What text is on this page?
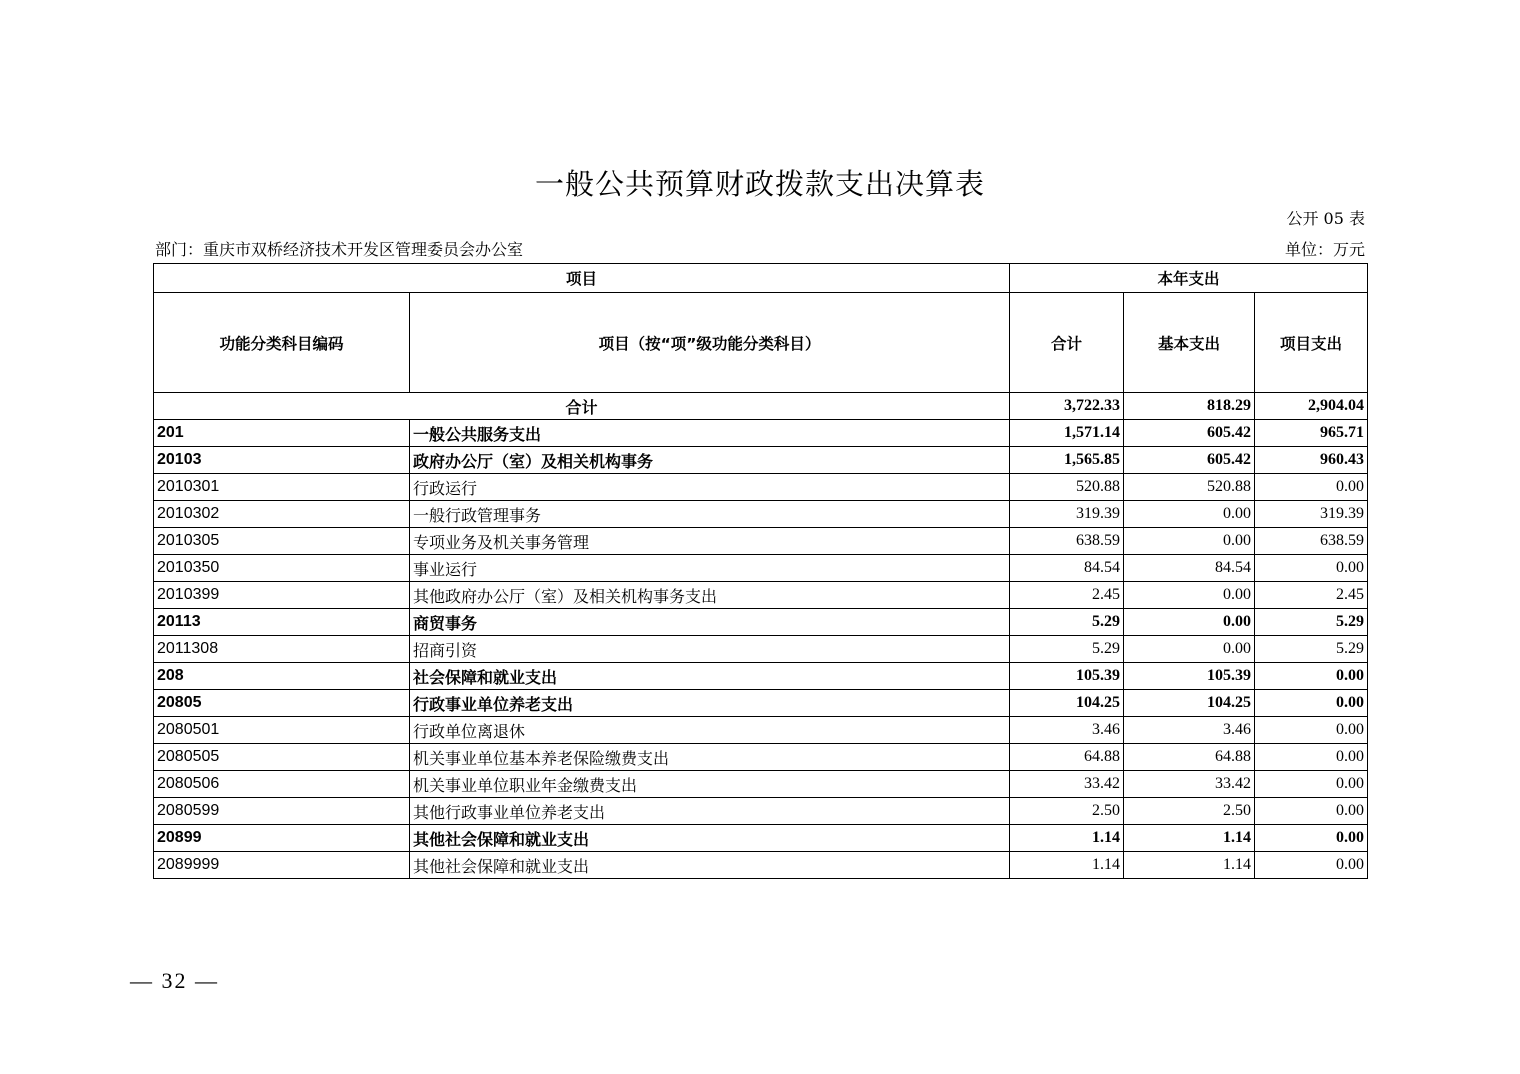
一般公共预算财政拨款支出决算表
公开 05 表
部门：重庆市双桥经济技术开发区管理委员会办公室	单位：万元
项目		本年支出		
功能分类科目编码	项目（按“项”级功能分类科目）	合计	基本支出	项目支出
合计		3,722.33	818.29	2,904.04
201	一般公共服务支出	1,571.14	605.42	965.71
20103	政府办公厅（室）及相关机构事务	1,565.85	605.42	960.43
2010301	行政运行	520.88	520.88	0.00
2010302	一般行政管理事务	319.39	0.00	319.39
2010305	专项业务及机关事务管理	638.59	0.00	638.59
2010350	事业运行	84.54	84.54	0.00
2010399	其他政府办公厅（室）及相关机构事务支出	2.45	0.00	2.45
20113	商贸事务	5.29	0.00	5.29
2011308	招商引资	5.29	0.00	5.29
208	社会保障和就业支出	105.39	105.39	0.00
20805	行政事业单位养老支出	104.25	104.25	0.00
2080501	行政单位离退休	3.46	3.46	0.00
2080505	机关事业单位基本养老保险缴费支出	64.88	64.88	0.00
2080506	机关事业单位职业年金缴费支出	33.42	33.42	0.00
2080599	其他行政事业单位养老支出	2.50	2.50	0.00
20899	其他社会保障和就业支出	1.14	1.14	0.00
2089999	其他社会保障和就业支出	1.14	1.14	0.00
— 32 —
